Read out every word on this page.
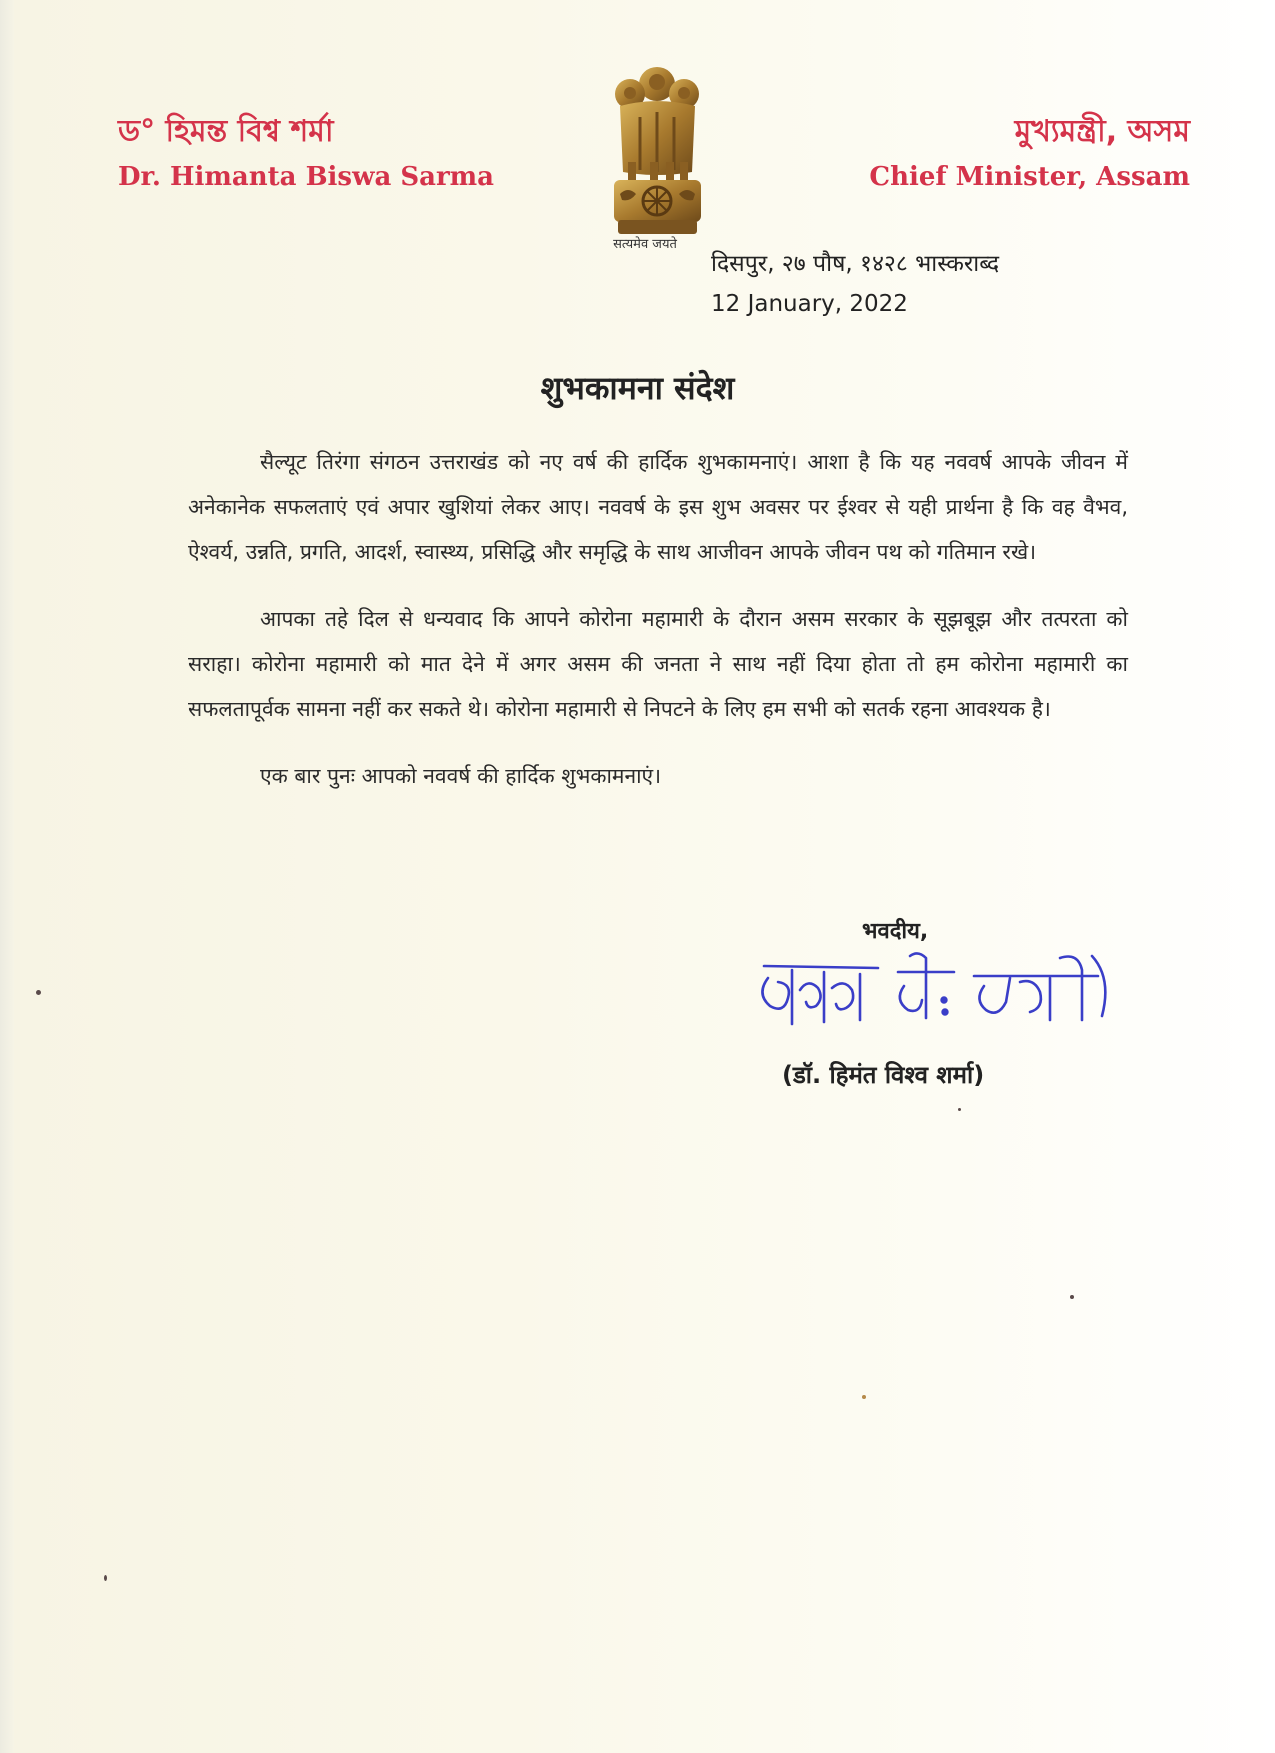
ড° হিমন্ত বিশ্ব শৰ্মা
Dr. Himanta Biswa Sarma
सत्यमेव जयते
মুখ্যমন্ত্ৰী, অসম
Chief Minister, Assam
दिसपुर, २७ पौष, १४२८ भास्कराब्द
12 January, 2022
शुभकामना संदेश

सैल्यूट तिरंगा संगठन उत्तराखंड को नए वर्ष की हार्दिक शुभकामनाएं। आशा है कि यह नववर्ष आपके जीवन में अनेकानेक सफलताएं एवं अपार खुशियां लेकर आए। नववर्ष के इस शुभ अवसर पर ईश्वर से यही प्रार्थना है कि वह वैभव, ऐश्वर्य, उन्नति, प्रगति, आदर्श, स्वास्थ्य, प्रसिद्धि और समृद्धि के साथ आजीवन आपके जीवन पथ को गतिमान रखे।

आपका तहे दिल से धन्यवाद कि आपने कोरोना महामारी के दौरान असम सरकार के सूझबूझ और तत्परता को सराहा। कोरोना महामारी को मात देने में अगर असम की जनता ने साथ नहीं दिया होता तो हम कोरोना महामारी का सफलतापूर्वक सामना नहीं कर सकते थे। कोरोना महामारी से निपटने के लिए हम सभी को सतर्क रहना आवश्यक है।

एक बार पुनः आपको नववर्ष की हार्दिक शुभकामनाएं।

भवदीय,
(डॉ. हिमंत विश्व शर्मा)
